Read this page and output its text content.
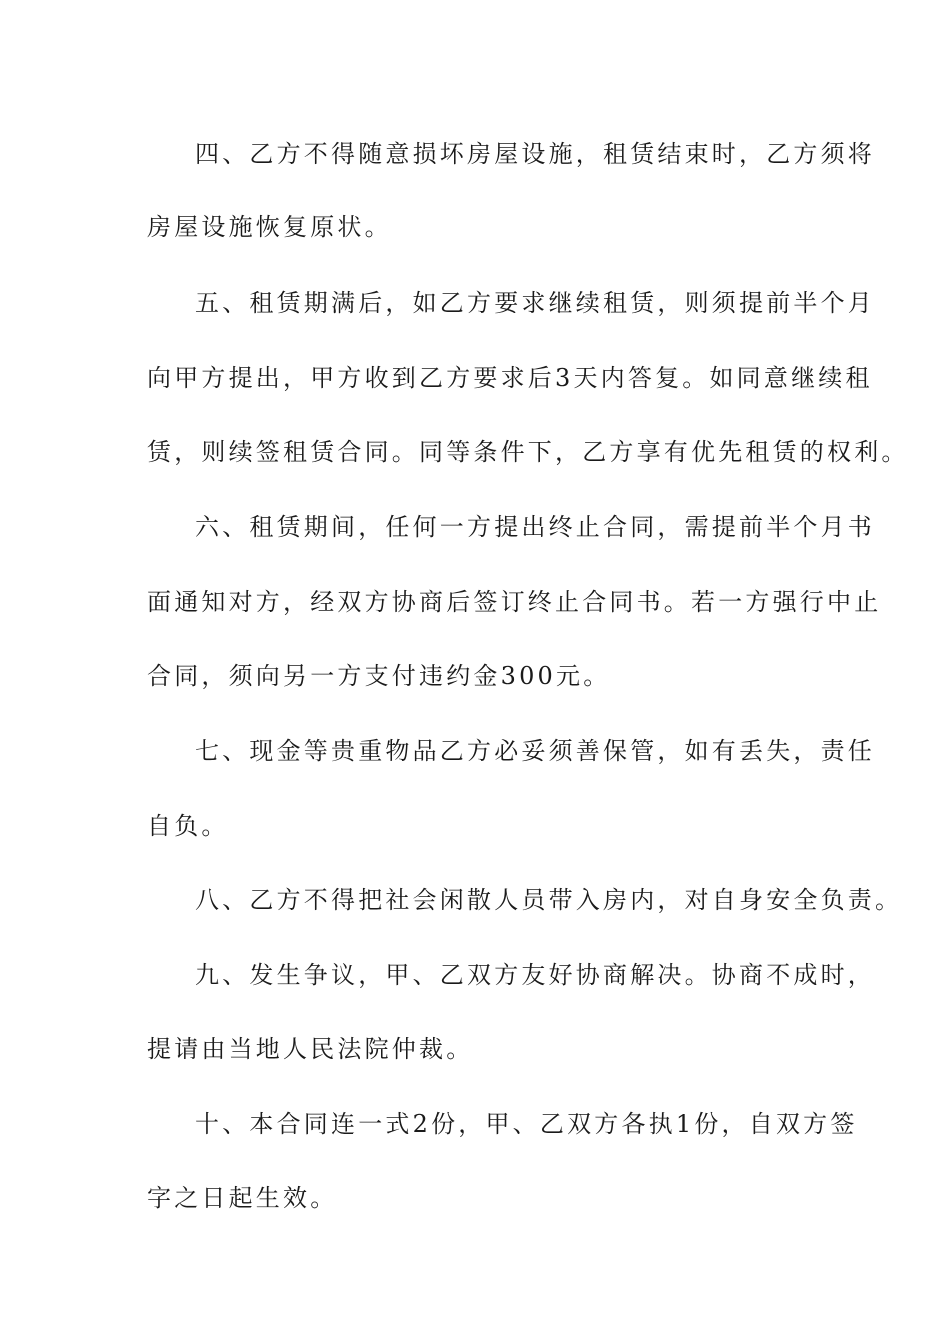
四、乙方不得随意损坏房屋设施，租赁结束时，乙方须将
房屋设施恢复原状。
五、租赁期满后，如乙方要求继续租赁，则须提前半个月
向甲方提出，甲方收到乙方要求后3天内答复。如同意继续租
赁，则续签租赁合同。同等条件下，乙方享有优先租赁的权利。
六、租赁期间，任何一方提出终止合同，需提前半个月书
面通知对方，经双方协商后签订终止合同书。若一方强行中止
合同，须向另一方支付违约金300元。
七、现金等贵重物品乙方必妥须善保管，如有丢失，责任
自负。
八、乙方不得把社会闲散人员带入房内，对自身安全负责。
九、发生争议，甲、乙双方友好协商解决。协商不成时，
提请由当地人民法院仲裁。
十、本合同连一式2份，甲、乙双方各执1份，自双方签
字之日起生效。
